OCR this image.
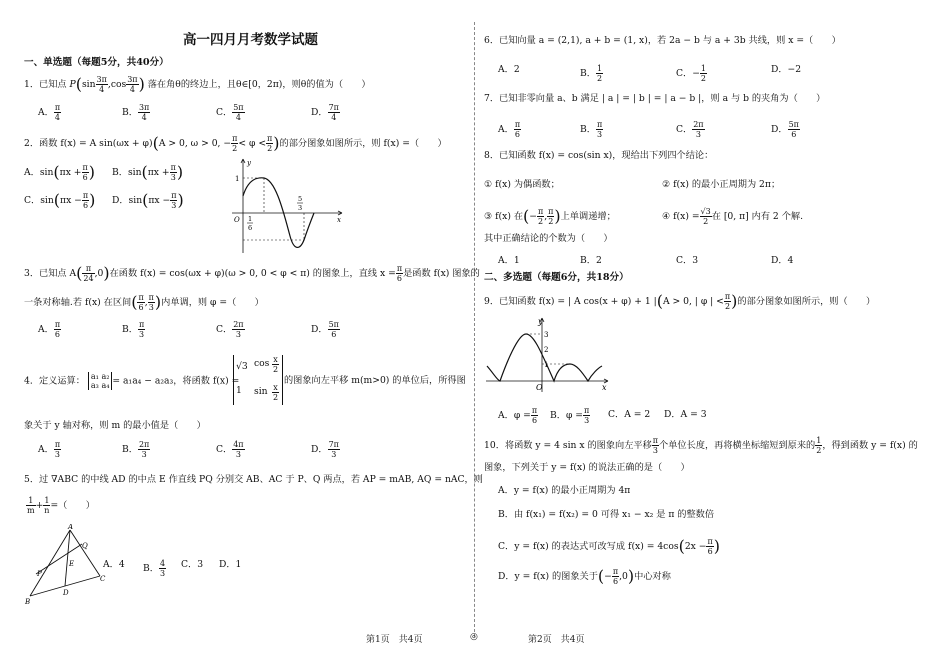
高一四月月考数学试题
一、单选题（每题5分，共40分）
1．已知点 $P(\sin \frac{3\pi}{4} ,\cos \frac{3\pi}{4}$ ) 落在角θ的终边上，且θ∈[0，2π)，则θ的值为（　　）
A． $\frac{\pi}{4}$	B． $\frac{3\pi}{4}$	C． $\frac{5\pi}{4}$	D． $\frac{7\pi}{4}$
2．函数 f(x) = A sin(ωx + φ)(A > 0, ω > 0, − $\frac{\pi}{2} < \varphi < \frac{\pi}{2}$ )的部分图象如图所示，则 f(x) =（　　）
A．$\sin(\pi x + \frac{\pi}{6}$ ) B．$\sin(\pi x + \frac{\pi}{3}$ )
C．$\sin(\pi x - \frac{\pi}{6}$ ) D．$\sin(\pi x - \frac{\pi}{3}$ )
y
x
O
1
1
6
5
3
3．已知点 $A( \frac{\pi}{24} ,0)$在函数 f(x) = cos(ωx + φ)(ω > 0, 0 < φ < π) 的图象上，直线 $x = \frac{\pi}{6}$ 是函数 f(x) 图象的
一条对称轴.若 f(x) 在区间( $\frac{\pi}{6}$ , $\frac{\pi}{3}$ )内单调，则 φ =（　　）
A． $\frac{\pi}{6}$	B． $\frac{\pi}{3}$	C． $\frac{2\pi}{3}$	D． $\frac{5\pi}{6}$
4．定义运算： a₁ a₂
a₃ a₄ = a₁a₄ − a₂a₃，将函数 f(x) =
√3 cos x
2
1 sin x
2
的图象向左平移 m(m>0) 的单位后，所得图
象关于 y 轴对称，则 m 的最小值是（　　）
A． $\frac{\pi}{3}$	B． $\frac{2\pi}{3}$	C． $\frac{4\pi}{3}$	D． $\frac{7\pi}{3}$
5．过 ∇ABC 的中线 AD 的中点 E 作直线 PQ 分别交 AB、AC 于 P、Q 两点，若 AP = mAB, AQ = nAC，则
$\frac{1}{m} + \frac{1}{n}$ =（　　）
A
Q
E
P
C
B
D
A．4 B． $\frac{4}{3}$ C．3 D．1
6．已知向量 a = (2,1), a + b = (1, x)，若 2a − b 与 a + 3b 共线，则 x =（　　）
A．2	B． $\frac{1}{2}$	C．− $\frac{1}{2}$	D．−2
7．已知非零向量 a、b 满足 | a | = | b | = | a − b |，则 a 与 b 的夹角为（　　）
A． $\frac{\pi}{6}$	B． $\frac{\pi}{3}$	C． $\frac{2\pi}{3}$	D． $\frac{5\pi}{6}$
8．已知函数 f(x) = cos(sin x)，现给出下列四个结论：
① f(x) 为偶函数；	② f(x) 的最小正周期为 2π；
③ f(x) 在(− $\frac{\pi}{2}$ , $\frac{\pi}{2}$ )上单调递增；	④ $f(x) = \frac{√3}{2}$ 在 [0, π] 内有 2 个解.
其中正确结论的个数为（　　）
A．1	B．2	C．3	D．4
二、多选题（每题6分，共18分）
9．已知函数 f(x) = | A cos(x + φ) + 1 |(A > 0, | φ | < $\frac{\pi}{2}$ )的部分图象如图所示，则（　　）
y
x
O
3
2
1
A．$\varphi = \frac{\pi}{6}$ B．$\varphi = \frac{\pi}{3}$ C．A = 2 D．A = 3
10．将函数 y = 4 sin x 的图象向左平移 $\frac{\pi}{3}$ 个单位长度，再将横坐标缩短到原来的 $\frac{1}{2}$ ，得到函数 y = f(x) 的
图象，下列关于 y = f(x) 的说法正确的是（　　）
A．y = f(x) 的最小正周期为 4π
B．由 f(x₁) = f(x₂) = 0 可得 x₁ − x₂ 是 π 的整数倍
C．y = f(x) 的表达式可改写成 $f(x) = 4\cos(2x - \frac{\pi}{6}$ )
D．y = f(x) 的图象关于(− $\frac{\pi}{6} ,0$)中心对称
第1页　共4页	◎	第2页　共4页
